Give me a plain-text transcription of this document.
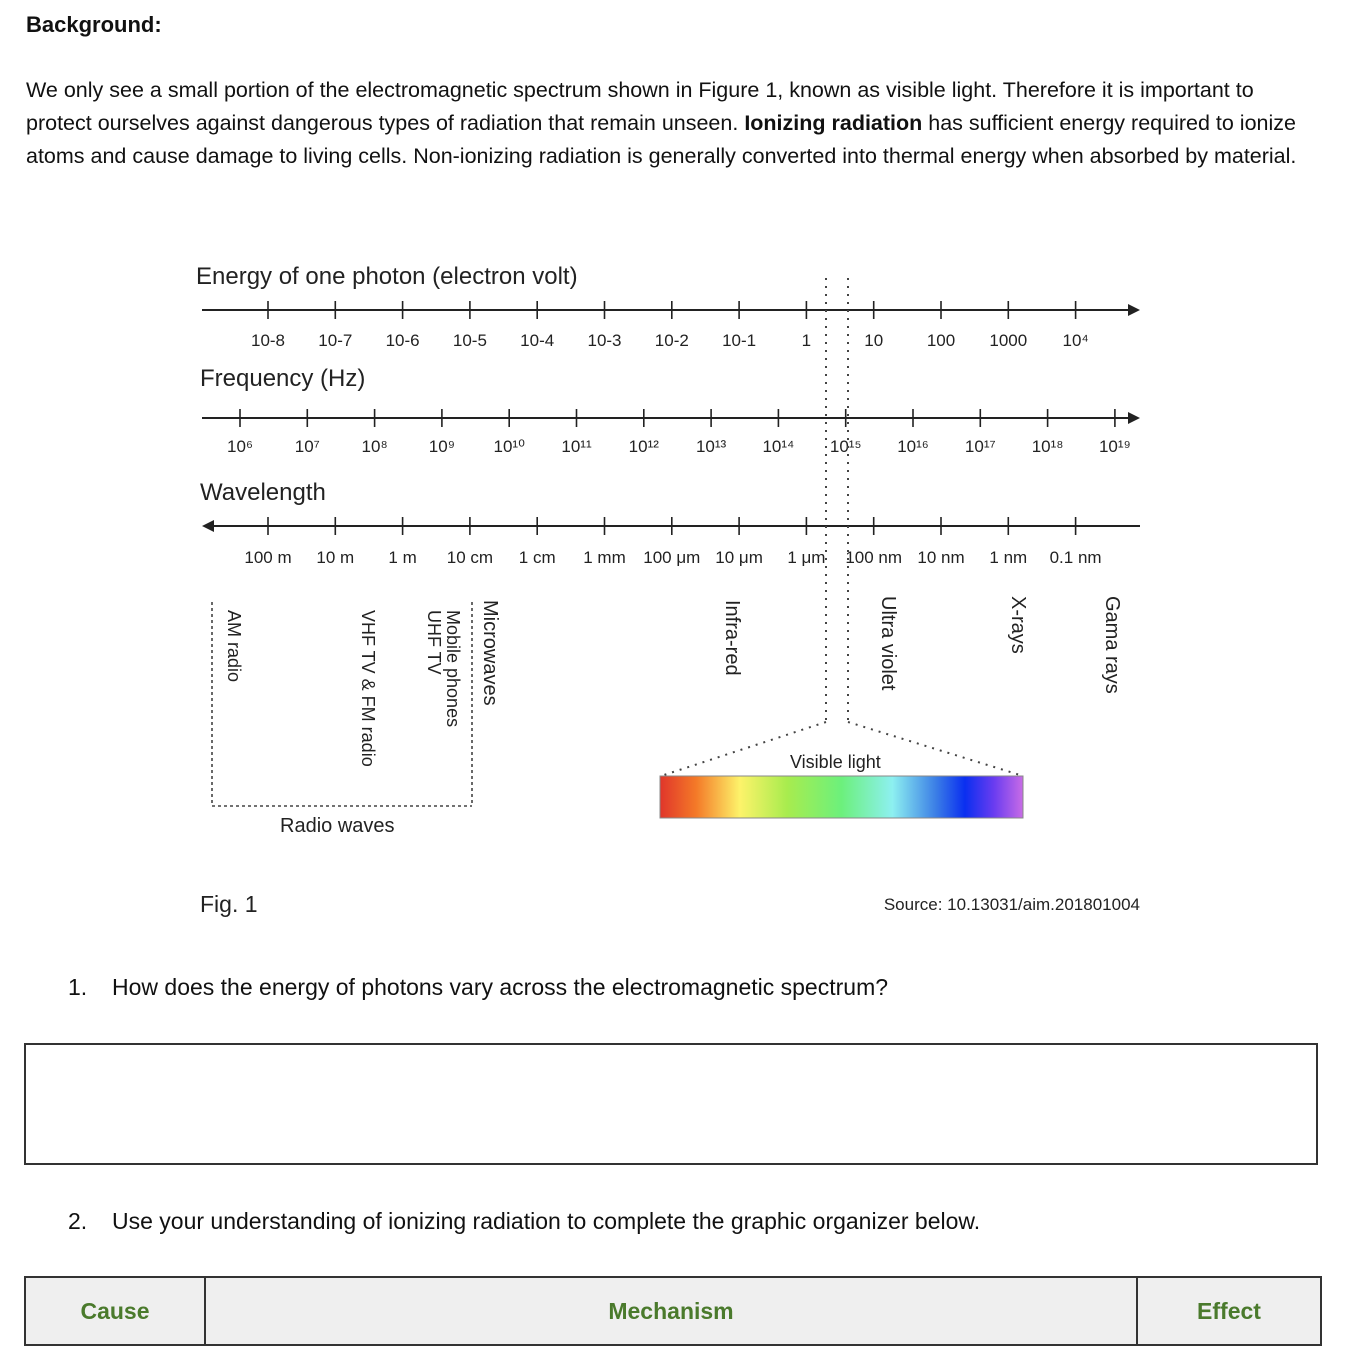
Background:
We only see a small portion of the electromagnetic spectrum shown in Figure 1, known as visible light. Therefore it is important to protect ourselves against dangerous types of radiation that remain unseen. Ionizing radiation has sufficient energy required to ionize atoms and cause damage to living cells. Non-ionizing radiation is generally converted into thermal energy when absorbed by material.
Energy of one photon (electron volt)
10-8 10-7 10-6 10-5 10-4 10-3 10-2 10-1	1	10	100 1000 10⁴
Frequency (Hz)
10⁶ 10⁷ 10⁸ 10⁹ 10¹⁰ 10¹¹ 10¹² 10¹³ 10¹⁴ 10¹⁵ 10¹⁶ 10¹⁷ 10¹⁸ 10¹⁹
Wavelength
100 m 10 m 1 m 10 cm 1 cm 1 mm 100 μm 10 μm 1 μm 100 nm 10 nm 1 nm 0.1 nm
AM radio	VHF TV & FM radio	UHF TV Mobile phones Microwaves	Infra-red	Ultra violet	X-rays	Gama rays
Radio waves
Visible light
Fig. 1	Source: 10.13031/aim.201801004
1. How does the energy of photons vary across the electromagnetic spectrum?
2. Use your understanding of ionizing radiation to complete the graphic organizer below.
Cause	Mechanism	Effect
